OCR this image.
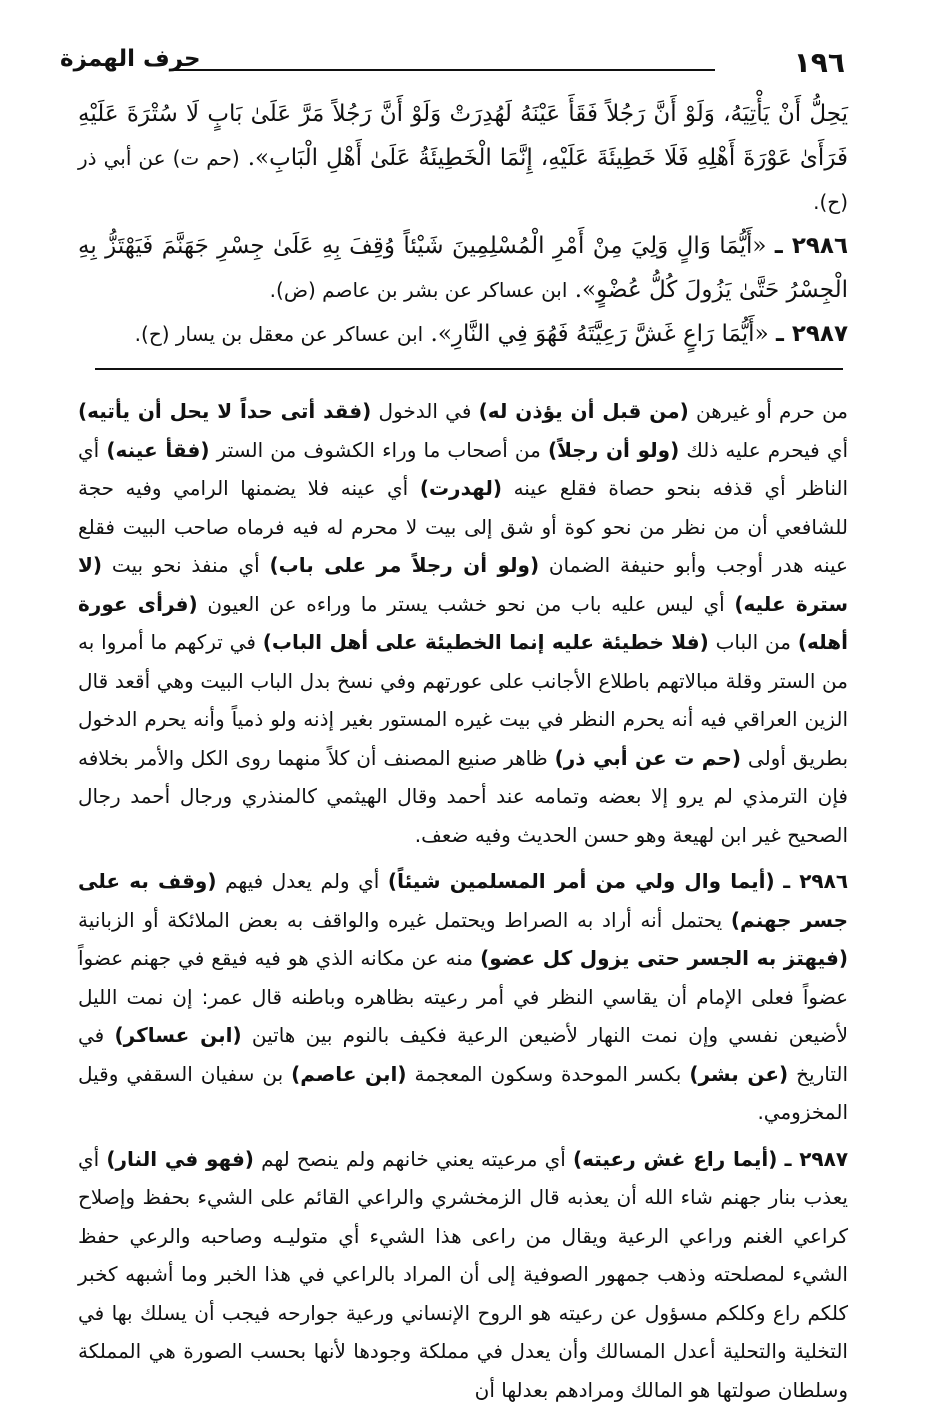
١٩٦
حرف الهمزة

يَحِلُّ أَنْ يَأْتِيَهُ، وَلَوْ أَنَّ رَجُلاً فَقَأَ عَيْنَهُ لَهُدِرَتْ وَلَوْ أَنَّ رَجُلاً مَرَّ عَلَىٰ بَابٍ لَا سُتْرَةَ عَلَيْهِ فَرَأَىٰ عَوْرَةَ أَهْلِهِ فَلَا خَطِيئَةَ عَلَيْهِ، إِنَّمَا الْخَطِيئَةُ عَلَىٰ أَهْلِ الْبَابِ». (حم ت) عن أبي ذر (ح).

٢٩٨٦ ـ «أَيُّمَا وَالٍ وَلِيَ مِنْ أَمْرِ الْمُسْلِمِينَ شَيْئاً وُقِفَ بِهِ عَلَىٰ جِسْرِ جَهَنَّمَ فَيَهْتَزُّ بِهِ الْجِسْرُ حَتَّىٰ يَزُولَ كُلُّ عُضْوٍ». ابن عساكر عن بشر بن عاصم (ض).

٢٩٨٧ ـ «أَيُّمَا رَاعٍ غَشَّ رَعِيَّتَهُ فَهُوَ فِي النَّارِ». ابن عساكر عن معقل بن يسار (ح).

من حرم أو غيرهن (من قبل أن يؤذن له) في الدخول (فقد أتى حداً لا يحل أن يأتيه) أي فيحرم عليه ذلك (ولو أن رجلاً) من أصحاب ما وراء الكشوف من الستر (فقأ عينه) أي الناظر أي قذفه بنحو حصاة فقلع عينه (لهدرت) أي عينه فلا يضمنها الرامي وفيه حجة للشافعي أن من نظر من نحو كوة أو شق إلى بيت لا محرم له فيه فرماه صاحب البيت فقلع عينه هدر أوجب وأبو حنيفة الضمان (ولو أن رجلاً مر على باب) أي منفذ نحو بيت (لا سترة عليه) أي ليس عليه باب من نحو خشب يستر ما وراءه عن العيون (فرأى عورة أهله) من الباب (فلا خطيئة عليه إنما الخطيئة على أهل الباب) في تركهم ما أمروا به من الستر وقلة مبالاتهم باطلاع الأجانب على عورتهم وفي نسخ بدل الباب البيت وهي أقعد قال الزين العراقي فيه أنه يحرم النظر في بيت غيره المستور بغير إذنه ولو ذمياً وأنه يحرم الدخول بطريق أولى (حم ت عن أبي ذر) ظاهر صنيع المصنف أن كلاً منهما روى الكل والأمر بخلافه فإن الترمذي لم يرو إلا بعضه وتمامه عند أحمد وقال الهيثمي كالمنذري ورجال أحمد رجال الصحيح غير ابن لهيعة وهو حسن الحديث وفيه ضعف.

٢٩٨٦ ـ (أيما وال ولي من أمر المسلمين شيئاً) أي ولم يعدل فيهم (وقف به على جسر جهنم) يحتمل أنه أراد به الصراط ويحتمل غيره والواقف به بعض الملائكة أو الزبانية (فيهتز به الجسر حتى يزول كل عضو) منه عن مكانه الذي هو فيه فيقع في جهنم عضواً عضواً فعلى الإمام أن يقاسي النظر في أمر رعيته بظاهره وباطنه قال عمر: إن نمت الليل لأضيعن نفسي وإن نمت النهار لأضيعن الرعية فكيف بالنوم بين هاتين (ابن عساكر) في التاريخ (عن بشر) بكسر الموحدة وسكون المعجمة (ابن عاصم) بن سفيان السقفي وقيل المخزومي.

٢٩٨٧ ـ (أيما راع غش رعيته) أي مرعيته يعني خانهم ولم ينصح لهم (فهو في النار) أي يعذب بنار جهنم شاء الله أن يعذبه قال الزمخشري والراعي القائم على الشيء بحفظ وإصلاح كراعي الغنم وراعي الرعية ويقال من راعى هذا الشيء أي متوليـه وصاحبه والرعي حفظ الشيء لمصلحته وذهب جمهور الصوفية إلى أن المراد بالراعي في هذا الخبر وما أشبهه كخبر كلكم راع وكلكم مسؤول عن رعيته هو الروح الإنساني ورعية جوارحه فيجب أن يسلك بها في التخلية والتحلية أعدل المسالك وأن يعدل في مملكة وجودها لأنها بحسب الصورة هي المملكة وسلطان صولتها هو المالك ومرادهم بعدلها أن
